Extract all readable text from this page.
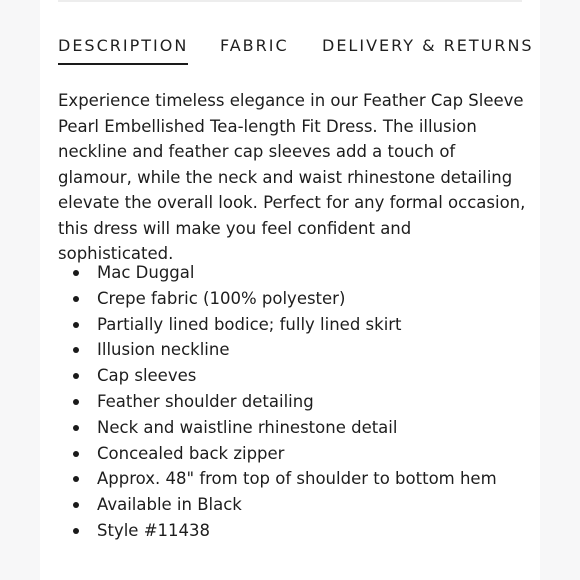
DESCRIPTION FABRIC DELIVERY & RETURNS

Experience timeless elegance in our Feather Cap Sleeve Pearl Embellished Tea-length Fit Dress. The illusion neckline and feather cap sleeves add a touch of glamour, while the neck and waist rhinestone detailing elevate the overall look. Perfect for any formal occasion, this dress will make you feel confident and sophisticated.

Mac Duggal
Crepe fabric (100% polyester)
Partially lined bodice; fully lined skirt
Illusion neckline
Cap sleeves
Feather shoulder detailing
Neck and waistline rhinestone detail
Concealed back zipper
Approx. 48" from top of shoulder to bottom hem
Available in Black
Style #11438
